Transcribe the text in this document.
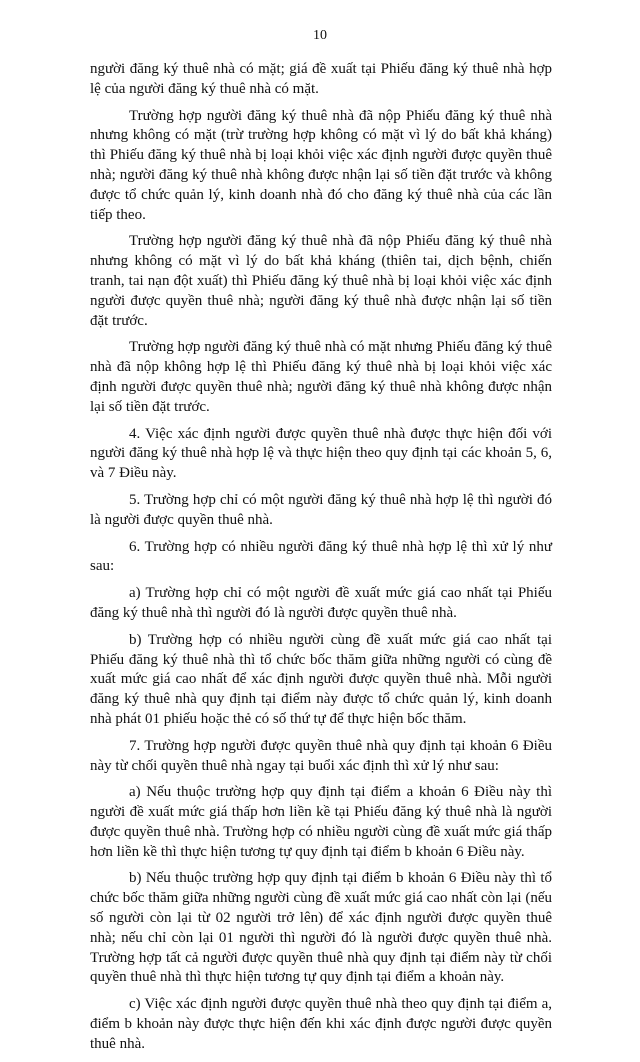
10

người đăng ký thuê nhà có mặt; giá đề xuất tại Phiếu đăng ký thuê nhà hợp lệ của người đăng ký thuê nhà có mặt.

Trường hợp người đăng ký thuê nhà đã nộp Phiếu đăng ký thuê nhà nhưng không có mặt (trừ trường hợp không có mặt vì lý do bất khả kháng) thì Phiếu đăng ký thuê nhà bị loại khỏi việc xác định người được quyền thuê nhà; người đăng ký thuê nhà không được nhận lại số tiền đặt trước và không được tổ chức quản lý, kinh doanh nhà đó cho đăng ký thuê nhà của các lần tiếp theo.

Trường hợp người đăng ký thuê nhà đã nộp Phiếu đăng ký thuê nhà nhưng không có mặt vì lý do bất khả kháng (thiên tai, dịch bệnh, chiến tranh, tai nạn đột xuất) thì Phiếu đăng ký thuê nhà bị loại khỏi việc xác định người được quyền thuê nhà; người đăng ký thuê nhà được nhận lại số tiền đặt trước.

Trường hợp người đăng ký thuê nhà có mặt nhưng Phiếu đăng ký thuê nhà đã nộp không hợp lệ thì Phiếu đăng ký thuê nhà bị loại khỏi việc xác định người được quyền thuê nhà; người đăng ký thuê nhà không được nhận lại số tiền đặt trước.

4. Việc xác định người được quyền thuê nhà được thực hiện đối với người đăng ký thuê nhà hợp lệ và thực hiện theo quy định tại các khoản 5, 6, và 7 Điều này.

5. Trường hợp chỉ có một người đăng ký thuê nhà hợp lệ thì người đó là người được quyền thuê nhà.

6. Trường hợp có nhiều người đăng ký thuê nhà hợp lệ thì xử lý như sau:

a) Trường hợp chỉ có một người đề xuất mức giá cao nhất tại Phiếu đăng ký thuê nhà thì người đó là người được quyền thuê nhà.

b) Trường hợp có nhiều người cùng đề xuất mức giá cao nhất tại Phiếu đăng ký thuê nhà thì tổ chức bốc thăm giữa những người có cùng đề xuất mức giá cao nhất để xác định người được quyền thuê nhà. Mỗi người đăng ký thuê nhà quy định tại điểm này được tổ chức quản lý, kinh doanh nhà phát 01 phiếu hoặc thẻ có số thứ tự để thực hiện bốc thăm.

7. Trường hợp người được quyền thuê nhà quy định tại khoản 6 Điều này từ chối quyền thuê nhà ngay tại buổi xác định thì xử lý như sau:

a) Nếu thuộc trường hợp quy định tại điểm a khoản 6 Điều này thì người đề xuất mức giá thấp hơn liền kề tại Phiếu đăng ký thuê nhà là người được quyền thuê nhà. Trường hợp có nhiều người cùng đề xuất mức giá thấp hơn liền kề thì thực hiện tương tự quy định tại điểm b khoản 6 Điều này.

b) Nếu thuộc trường hợp quy định tại điểm b khoản 6 Điều này thì tổ chức bốc thăm giữa những người cùng đề xuất mức giá cao nhất còn lại (nếu số người còn lại từ 02 người trở lên) để xác định người được quyền thuê nhà; nếu chỉ còn lại 01 người thì người đó là người được quyền thuê nhà. Trường hợp tất cả người được quyền thuê nhà quy định tại điểm này từ chối quyền thuê nhà thì thực hiện tương tự quy định tại điểm a khoản này.

c) Việc xác định người được quyền thuê nhà theo quy định tại điểm a, điểm b khoản này được thực hiện đến khi xác định được người được quyền thuê nhà.
